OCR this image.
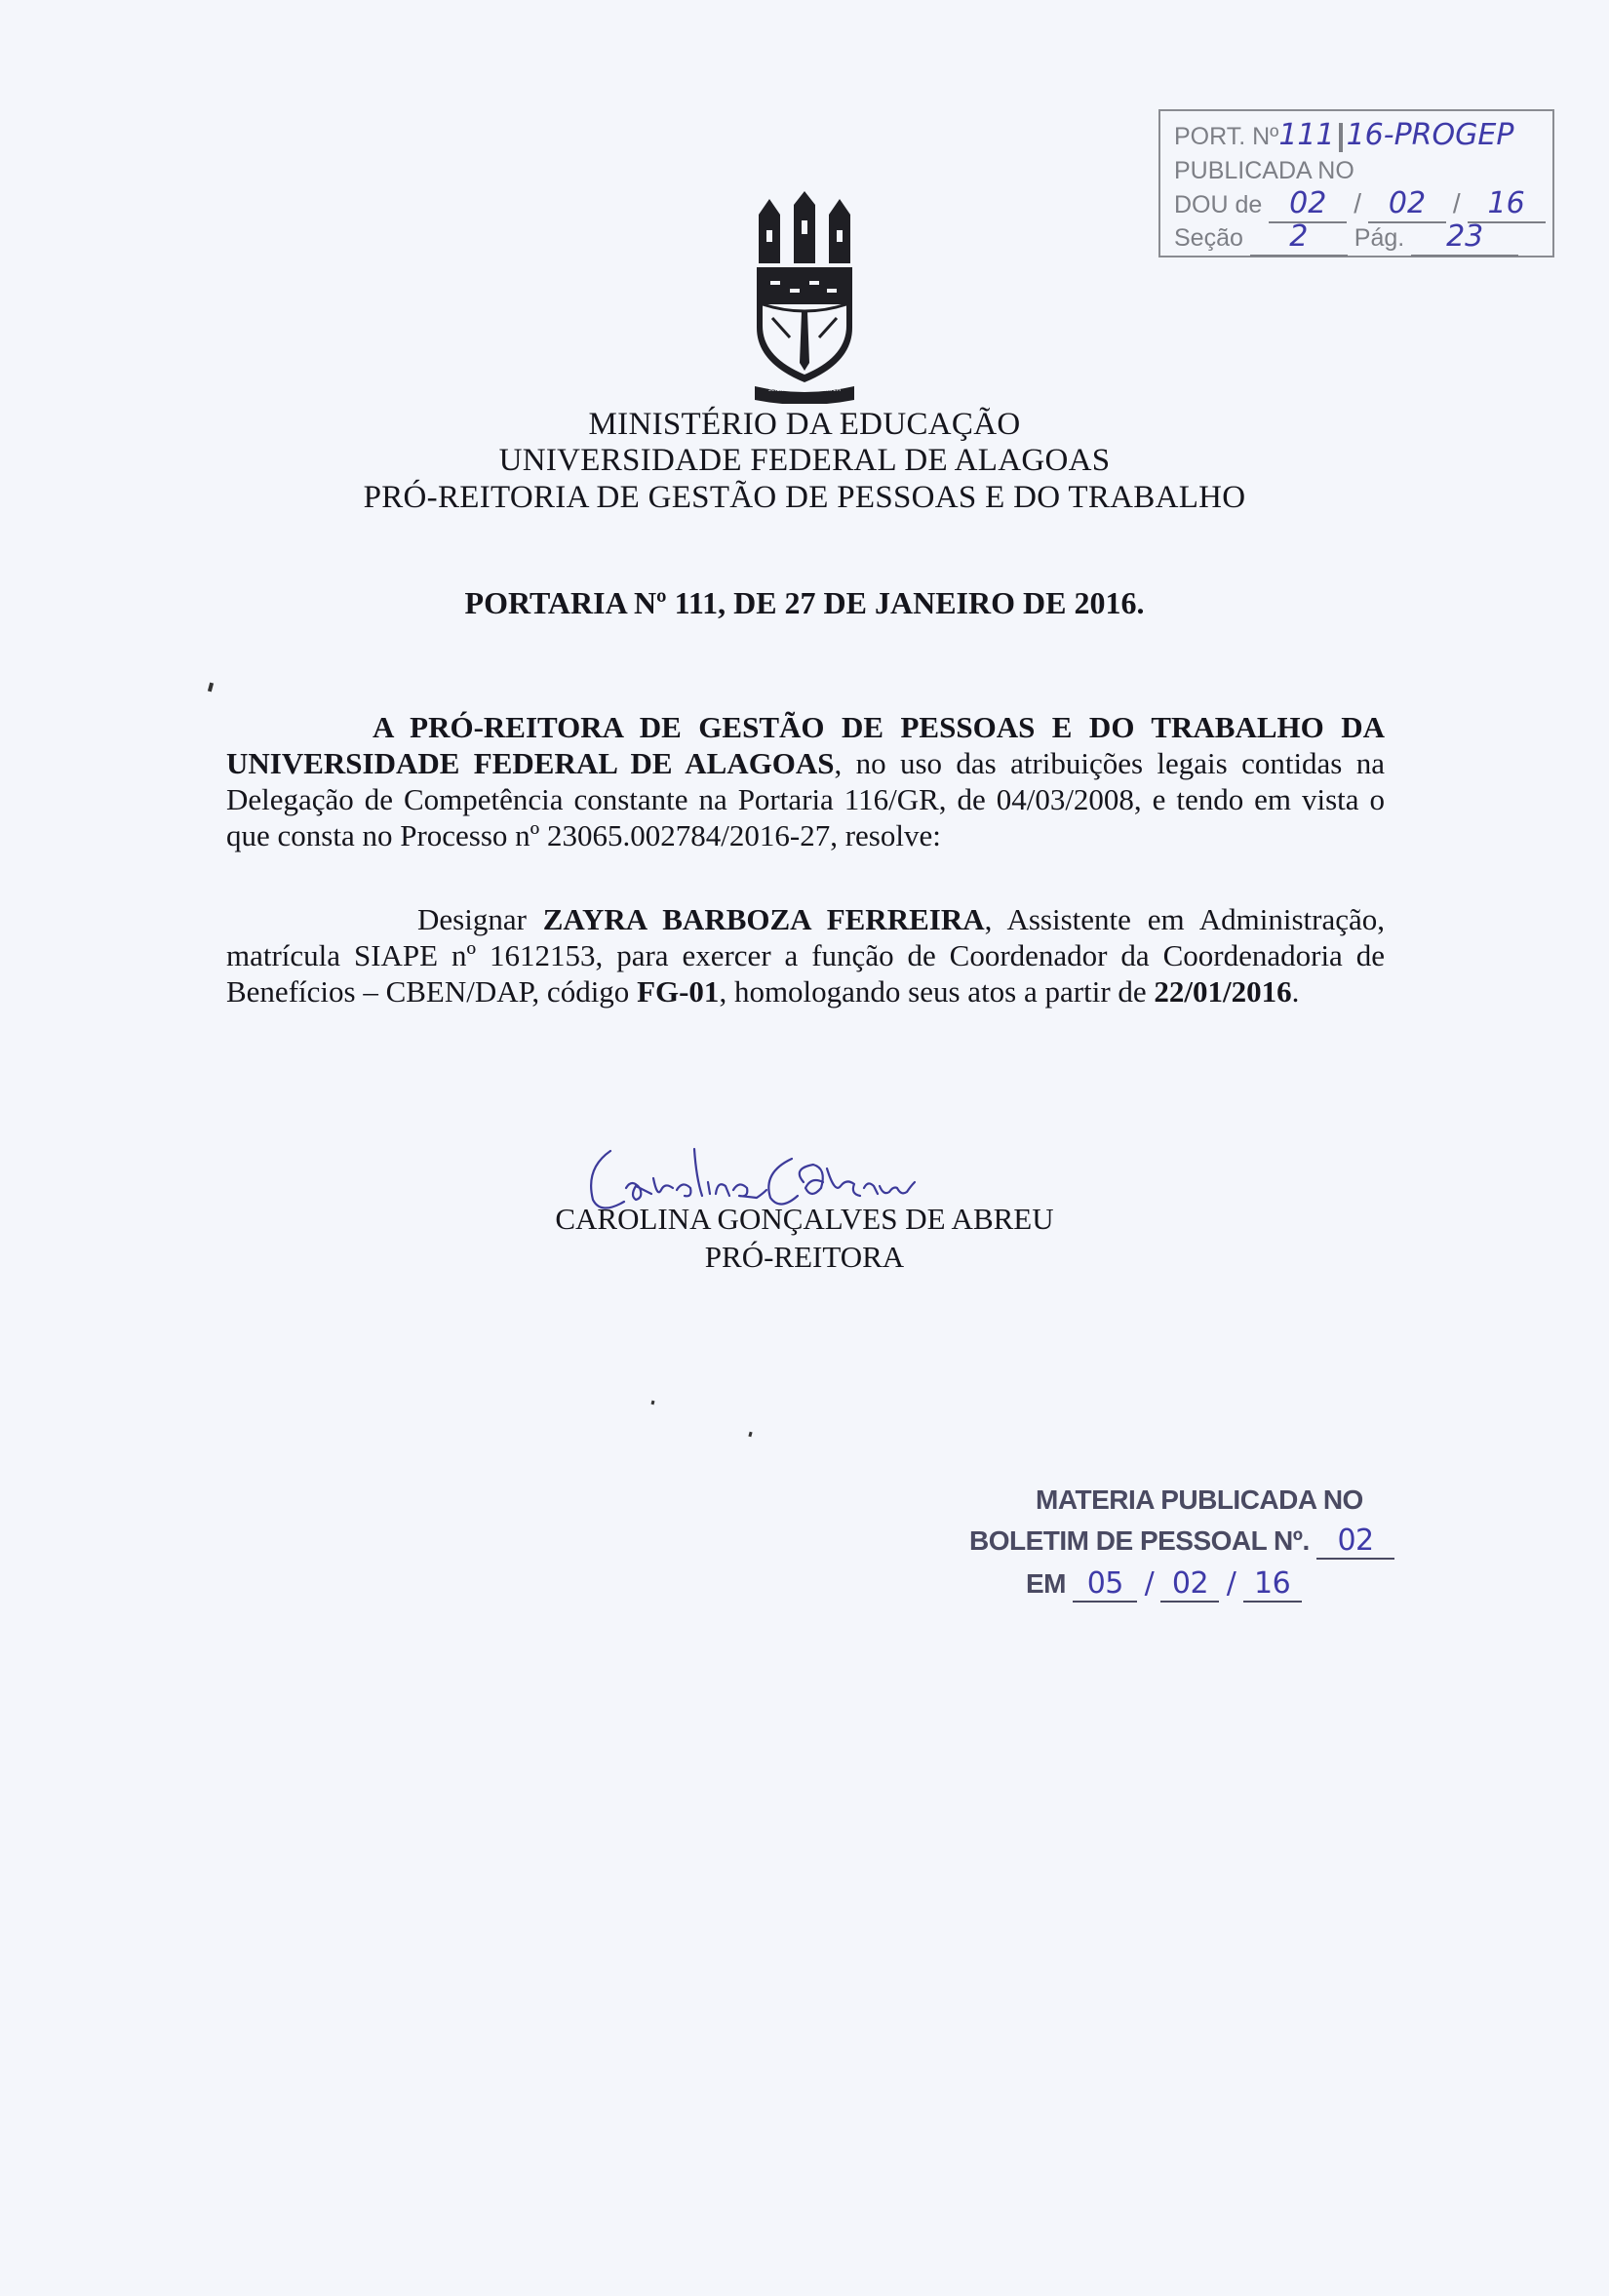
PORT. Nº111 16-PROGEP
PUBLICADA NO
DOU de 02 / 02 / 16
Seção 2 Pág. 23
SCIENTIA AD HUMANITATEM
MINISTÉRIO DA EDUCAÇÃO
UNIVERSIDADE FEDERAL DE ALAGOAS
PRÓ-REITORIA DE GESTÃO DE PESSOAS E DO TRABALHO
PORTARIA Nº 111, DE 27 DE JANEIRO DE 2016.
A PRÓ-REITORA DE GESTÃO DE PESSOAS E DO TRABALHO DA UNIVERSIDADE FEDERAL DE ALAGOAS, no uso das atribuições legais contidas na Delegação de Competência constante na Portaria 116/GR, de 04/03/2008, e tendo em vista o que consta no Processo nº 23065.002784/2016-27, resolve:
Designar ZAYRA BARBOZA FERREIRA, Assistente em Administração, matrícula SIAPE nº 1612153, para exercer a função de Coordenador da Coordenadoria de Benefícios – CBEN/DAP, código FG-01, homologando seus atos a partir de 22/01/2016.
CAROLINA GONÇALVES DE ABREU
PRÓ-REITORA
MATERIA PUBLICADA NO
BOLETIM DE PESSOAL Nº. 02
EM 05 / 02 / 16
